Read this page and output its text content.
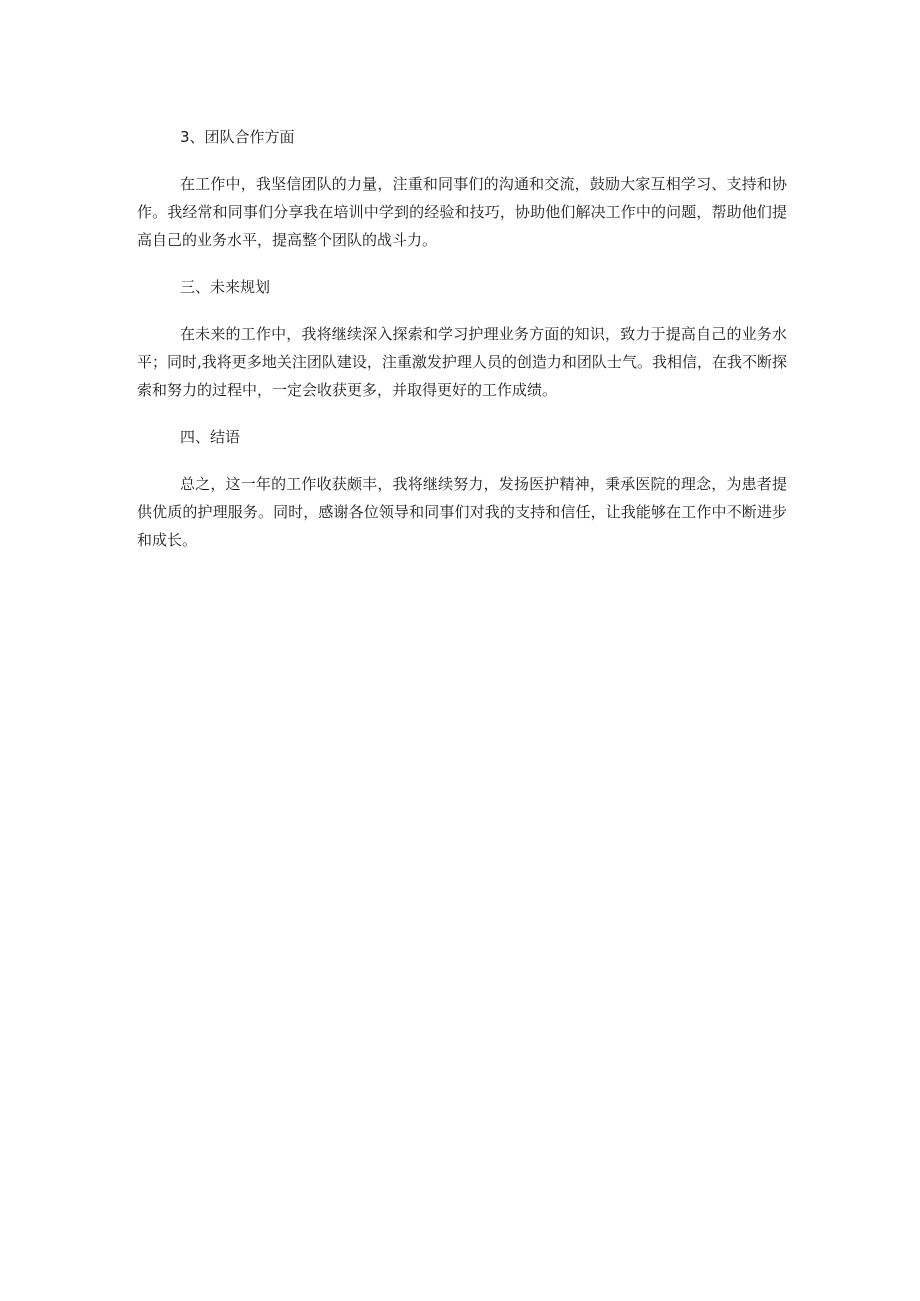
3、团队合作方面

在工作中，我坚信团队的力量，注重和同事们的沟通和交流，鼓励大家互相学习、支持和协作。我经常和同事们分享我在培训中学到的经验和技巧，协助他们解决工作中的问题，帮助他们提高自己的业务水平，提高整个团队的战斗力。

三、未来规划

在未来的工作中，我将继续深入探索和学习护理业务方面的知识，致力于提高自己的业务水平；同时,我将更多地关注团队建设，注重激发护理人员的创造力和团队士气。我相信，在我不断探索和努力的过程中，一定会收获更多，并取得更好的工作成绩。

四、结语

总之，这一年的工作收获颇丰，我将继续努力，发扬医护精神，秉承医院的理念，为患者提供优质的护理服务。同时，感谢各位领导和同事们对我的支持和信任，让我能够在工作中不断进步和成长。
